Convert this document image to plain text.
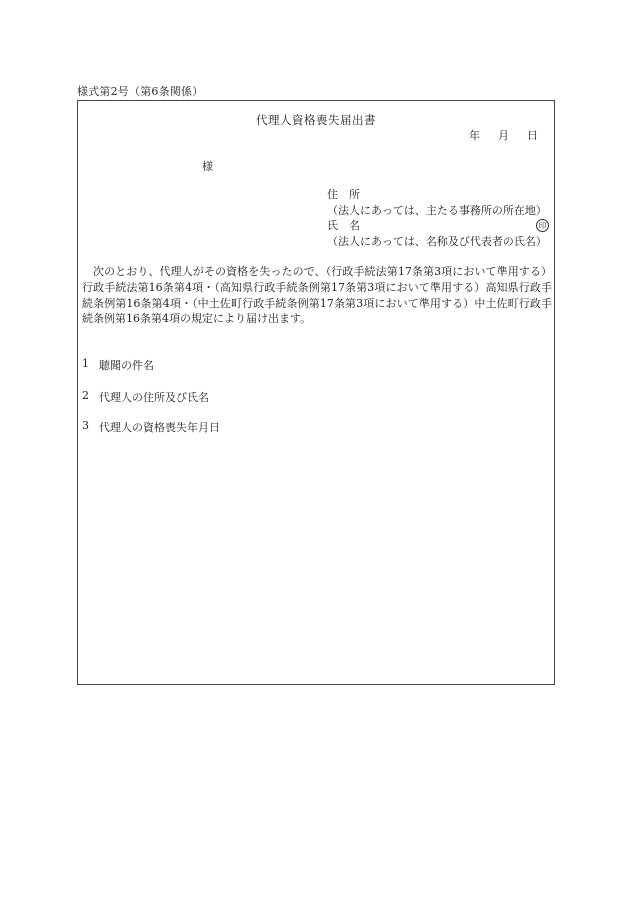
様式第2号（第6条関係）
代理人資格喪失届出書
年 月 日
様
住　所
（法人にあっては、主たる事務所の所在地）
氏　名	印
（法人にあっては、名称及び代表者の氏名）
次のとおり、代理人がその資格を失ったので、（行政手続法第17条第3項において準用する）行政手続法第16条第4項・（高知県行政手続条例第17条第3項において準用する）高知県行政手続条例第16条第4項・（中土佐町行政手続条例第17条第3項において準用する）中土佐町行政手続条例第16条第4項の規定により届け出ます。
1 聴聞の件名
2 代理人の住所及び氏名
3 代理人の資格喪失年月日
